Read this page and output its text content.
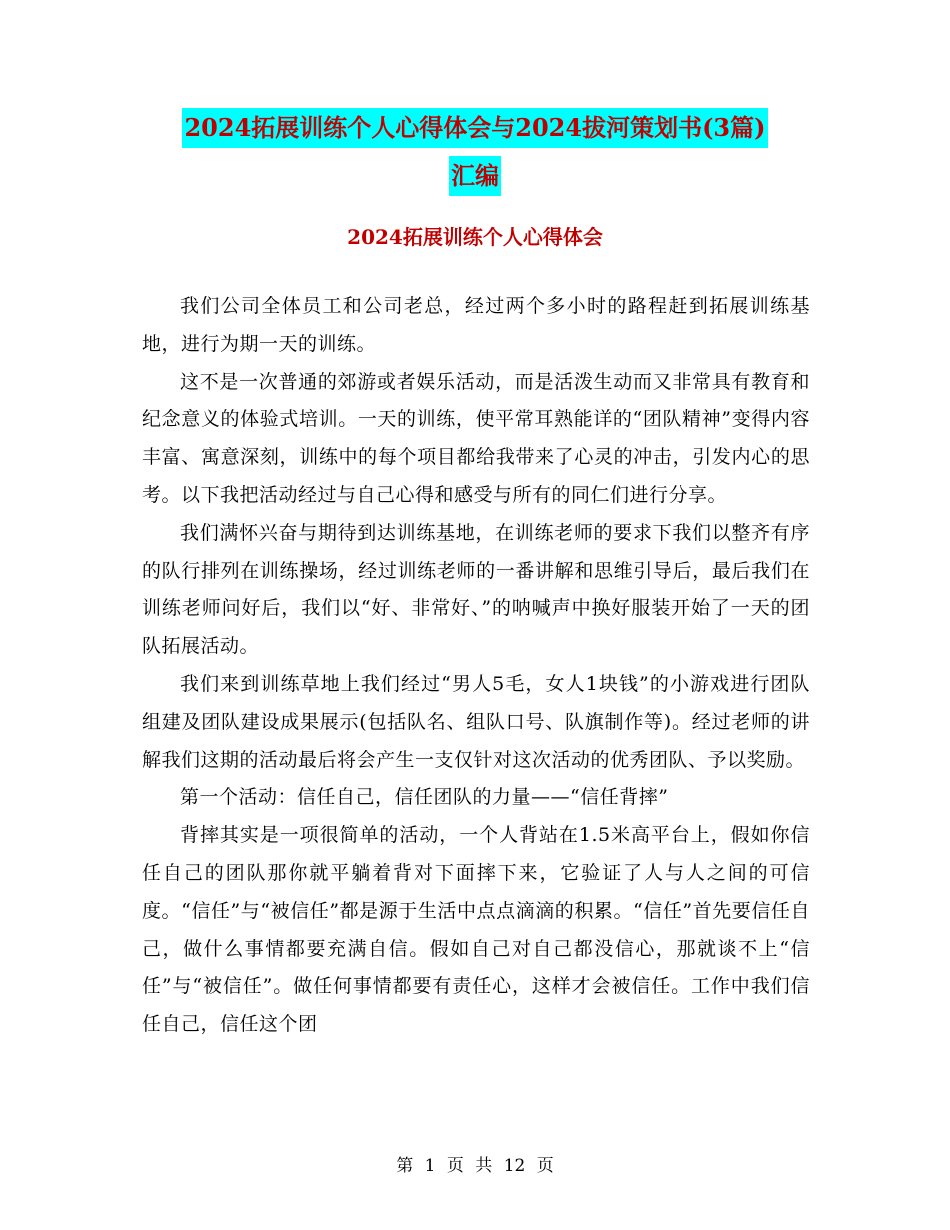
2024拓展训练个人心得体会与2024拔河策划书(3篇)
汇编
2024拓展训练个人心得体会

我们公司全体员工和公司老总，经过两个多小时的路程赶到拓展训练基地，进行为期一天的训练。

这不是一次普通的郊游或者娱乐活动，而是活泼生动而又非常具有教育和纪念意义的体验式培训。一天的训练，使平常耳熟能详的“团队精神”变得内容丰富、寓意深刻，训练中的每个项目都给我带来了心灵的冲击，引发内心的思考。以下我把活动经过与自己心得和感受与所有的同仁们进行分享。

我们满怀兴奋与期待到达训练基地，在训练老师的要求下我们以整齐有序的队行排列在训练操场，经过训练老师的一番讲解和思维引导后，最后我们在训练老师问好后，我们以“好、非常好、”的呐喊声中换好服装开始了一天的团队拓展活动。

我们来到训练草地上我们经过“男人5毛，女人1块钱”的小游戏进行团队组建及团队建设成果展示(包括队名、组队口号、队旗制作等)。经过老师的讲解我们这期的活动最后将会产生一支仅针对这次活动的优秀团队、予以奖励。

第一个活动：信任自己，信任团队的力量——“信任背摔”

背摔其实是一项很简单的活动，一个人背站在1.5米高平台上，假如你信任自己的团队那你就平躺着背对下面摔下来，它验证了人与人之间的可信度。“信任”与“被信任”都是源于生活中点点滴滴的积累。“信任”首先要信任自己，做什么事情都要充满自信。假如自己对自己都没信心，那就谈不上“信任”与“被信任”。做任何事情都要有责任心，这样才会被信任。工作中我们信任自己，信任这个团

第 1 页 共 12 页
